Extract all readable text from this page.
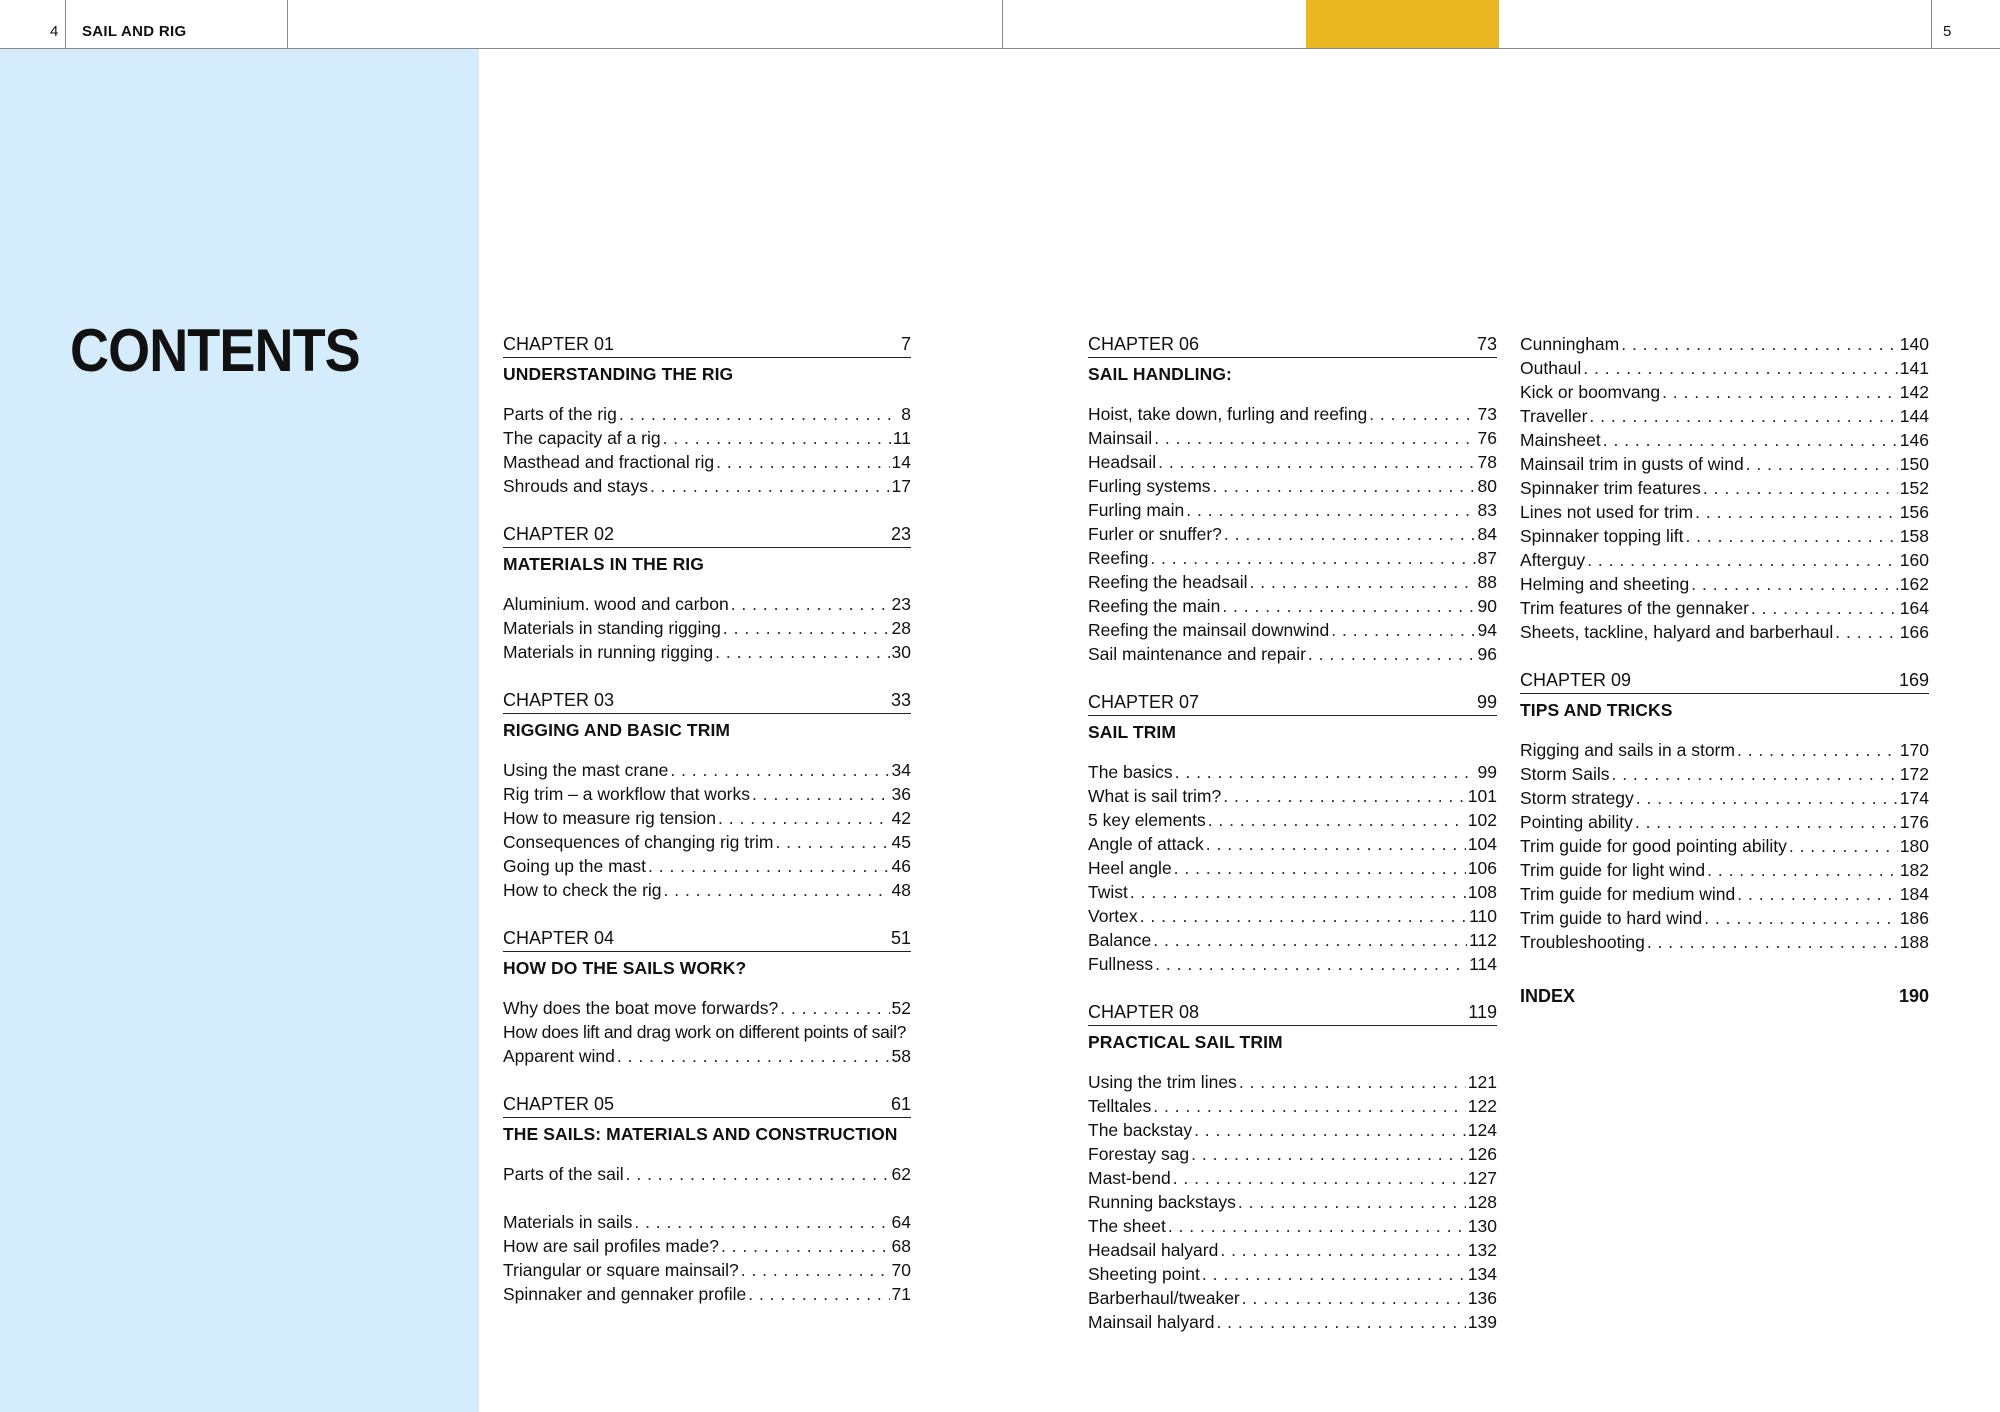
4 SAIL AND RIG	5
CONTENTS	CHAPTER 01	7
UNDERSTANDING THE RIG
Parts of the rig . . .	8
The capacity af a rig . . .	11
Masthead and fractional rig . . .	14
Shrouds and stays . . .	17
CHAPTER 02	23
MATERIALS IN THE RIG
Aluminium. wood and carbon . . .	23
Materials in standing rigging . . .	28
Materials in running rigging . . .	30
CHAPTER 03	33
RIGGING AND BASIC TRIM
Using the mast crane . . .	34
Rig trim – a workflow that works . . .	36
How to measure rig tension . . .	42
Consequences of changing rig trim . . .	45
Going up the mast . . .	46
How to check the rig . . .	48
CHAPTER 04	51
HOW DO THE SAILS WORK?
Why does the boat move forwards? . . .	52
How does lift and drag work on different points of sail?
Apparent wind . . .	58
CHAPTER 05	61
THE SAILS: MATERIALS AND CONSTRUCTION
Parts of the sail . . .	62
Materials in sails . . .	64
How are sail profiles made? . . .	68
Triangular or square mainsail? . . .	70
Spinnaker and gennaker profile . . .	71
CHAPTER 06	73
SAIL HANDLING:
Hoist, take down, furling and reefing . . .	73
Mainsail . . .	76
Headsail . . .	78
Furling systems . . .	80
Furling main . . .	83
Furler or snuffer? . . .	84
Reefing . . .	87
Reefing the headsail . . .	88
Reefing the main . . .	90
Reefing the mainsail downwind . . .	94
Sail maintenance and repair . . .	96
CHAPTER 07	99
SAIL TRIM
The basics . . .	99
What is sail trim? . . .	101
5 key elements . . .	102
Angle of attack . . .	104
Heel angle . . .	106
Twist . . .	108
Vortex . . .	110
Balance . . .	112
Fullness . . .	114
CHAPTER 08	119
PRACTICAL SAIL TRIM
Using the trim lines . . .	121
Telltales . . .	122
The backstay . . .	124
Forestay sag . . .	126
Mast-bend . . .	127
Running backstays . . .	128
The sheet . . .	130
Headsail halyard . . .	132
Sheeting point . . .	134
Barberhaul/tweaker . . .	136
Mainsail halyard . . .	139
Cunningham . . .	140
Outhaul . . .	141
Kick or boomvang . . .	142
Traveller . . .	144
Mainsheet . . .	146
Mainsail trim in gusts of wind . . .	150
Spinnaker trim features . . .	152
Lines not used for trim . . .	156
Spinnaker topping lift . . .	158
Afterguy . . .	160
Helming and sheeting . . .	162
Trim features of the gennaker . . .	164
Sheets, tackline, halyard and barberhaul . . .	166
CHAPTER 09	169
TIPS AND TRICKS
Rigging and sails in a storm . . .	170
Storm Sails . . .	172
Storm strategy . . .	174
Pointing ability . . .	176
Trim guide for good pointing ability . . .	180
Trim guide for light wind . . .	182
Trim guide for medium wind . . .	184
Trim guide to hard wind . . .	186
Troubleshooting . . .	188
INDEX	190
